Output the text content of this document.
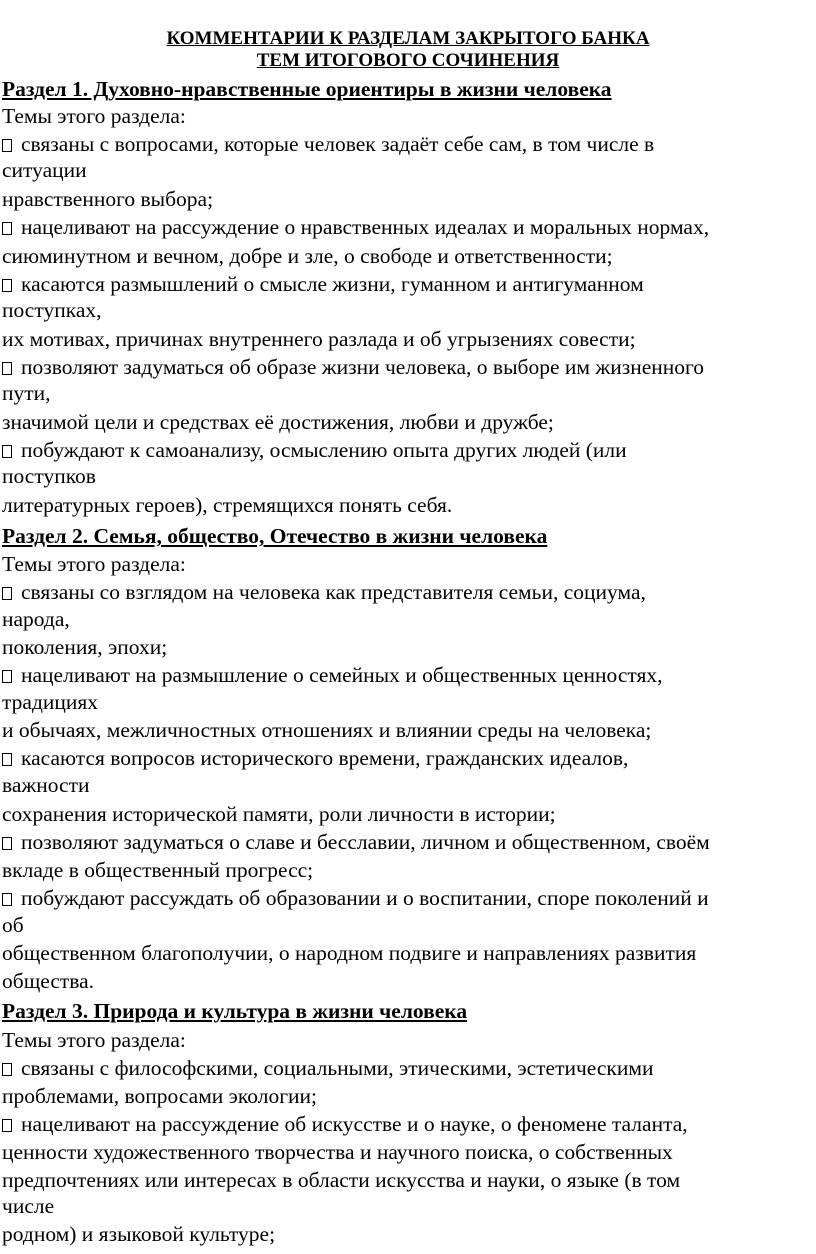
КОММЕНТАРИИ К РАЗДЕЛАМ ЗАКРЫТОГО БАНКА
ТЕМ ИТОГОВОГО СОЧИНЕНИЯ
Раздел 1. Духовно-нравственные ориентиры в жизни человека
Темы этого раздела:
связаны с вопросами, которые человек задаёт себе сам, в том числе в
ситуации
нравственного выбора;
нацеливают на рассуждение о нравственных идеалах и моральных нормах,
сиюминутном и вечном, добре и зле, о свободе и ответственности;
касаются размышлений о смысле жизни, гуманном и антигуманном
поступках,
их мотивах, причинах внутреннего разлада и об угрызениях совести;
позволяют задуматься об образе жизни человека, о выборе им жизненного
пути,
значимой цели и средствах её достижения, любви и дружбе;
побуждают к самоанализу, осмыслению опыта других людей (или
поступков
литературных героев), стремящихся понять себя.
Раздел 2. Семья, общество, Отечество в жизни человека
Темы этого раздела:
связаны со взглядом на человека как представителя семьи, социума,
народа,
поколения, эпохи;
нацеливают на размышление о семейных и общественных ценностях,
традициях
и обычаях, межличностных отношениях и влиянии среды на человека;
касаются вопросов исторического времени, гражданских идеалов,
важности
сохранения исторической памяти, роли личности в истории;
позволяют задуматься о славе и бесславии, личном и общественном, своём
вкладе в общественный прогресс;
побуждают рассуждать об образовании и о воспитании, споре поколений и
об
общественном благополучии, о народном подвиге и направлениях развития
общества.
Раздел 3. Природа и культура в жизни человека
Темы этого раздела:
связаны с философскими, социальными, этическими, эстетическими
проблемами, вопросами экологии;
нацеливают на рассуждение об искусстве и о науке, о феномене таланта,
ценности художественного творчества и научного поиска, о собственных
предпочтениях или интересах в области искусства и науки, о языке (в том
числе
родном) и языковой культуре;
